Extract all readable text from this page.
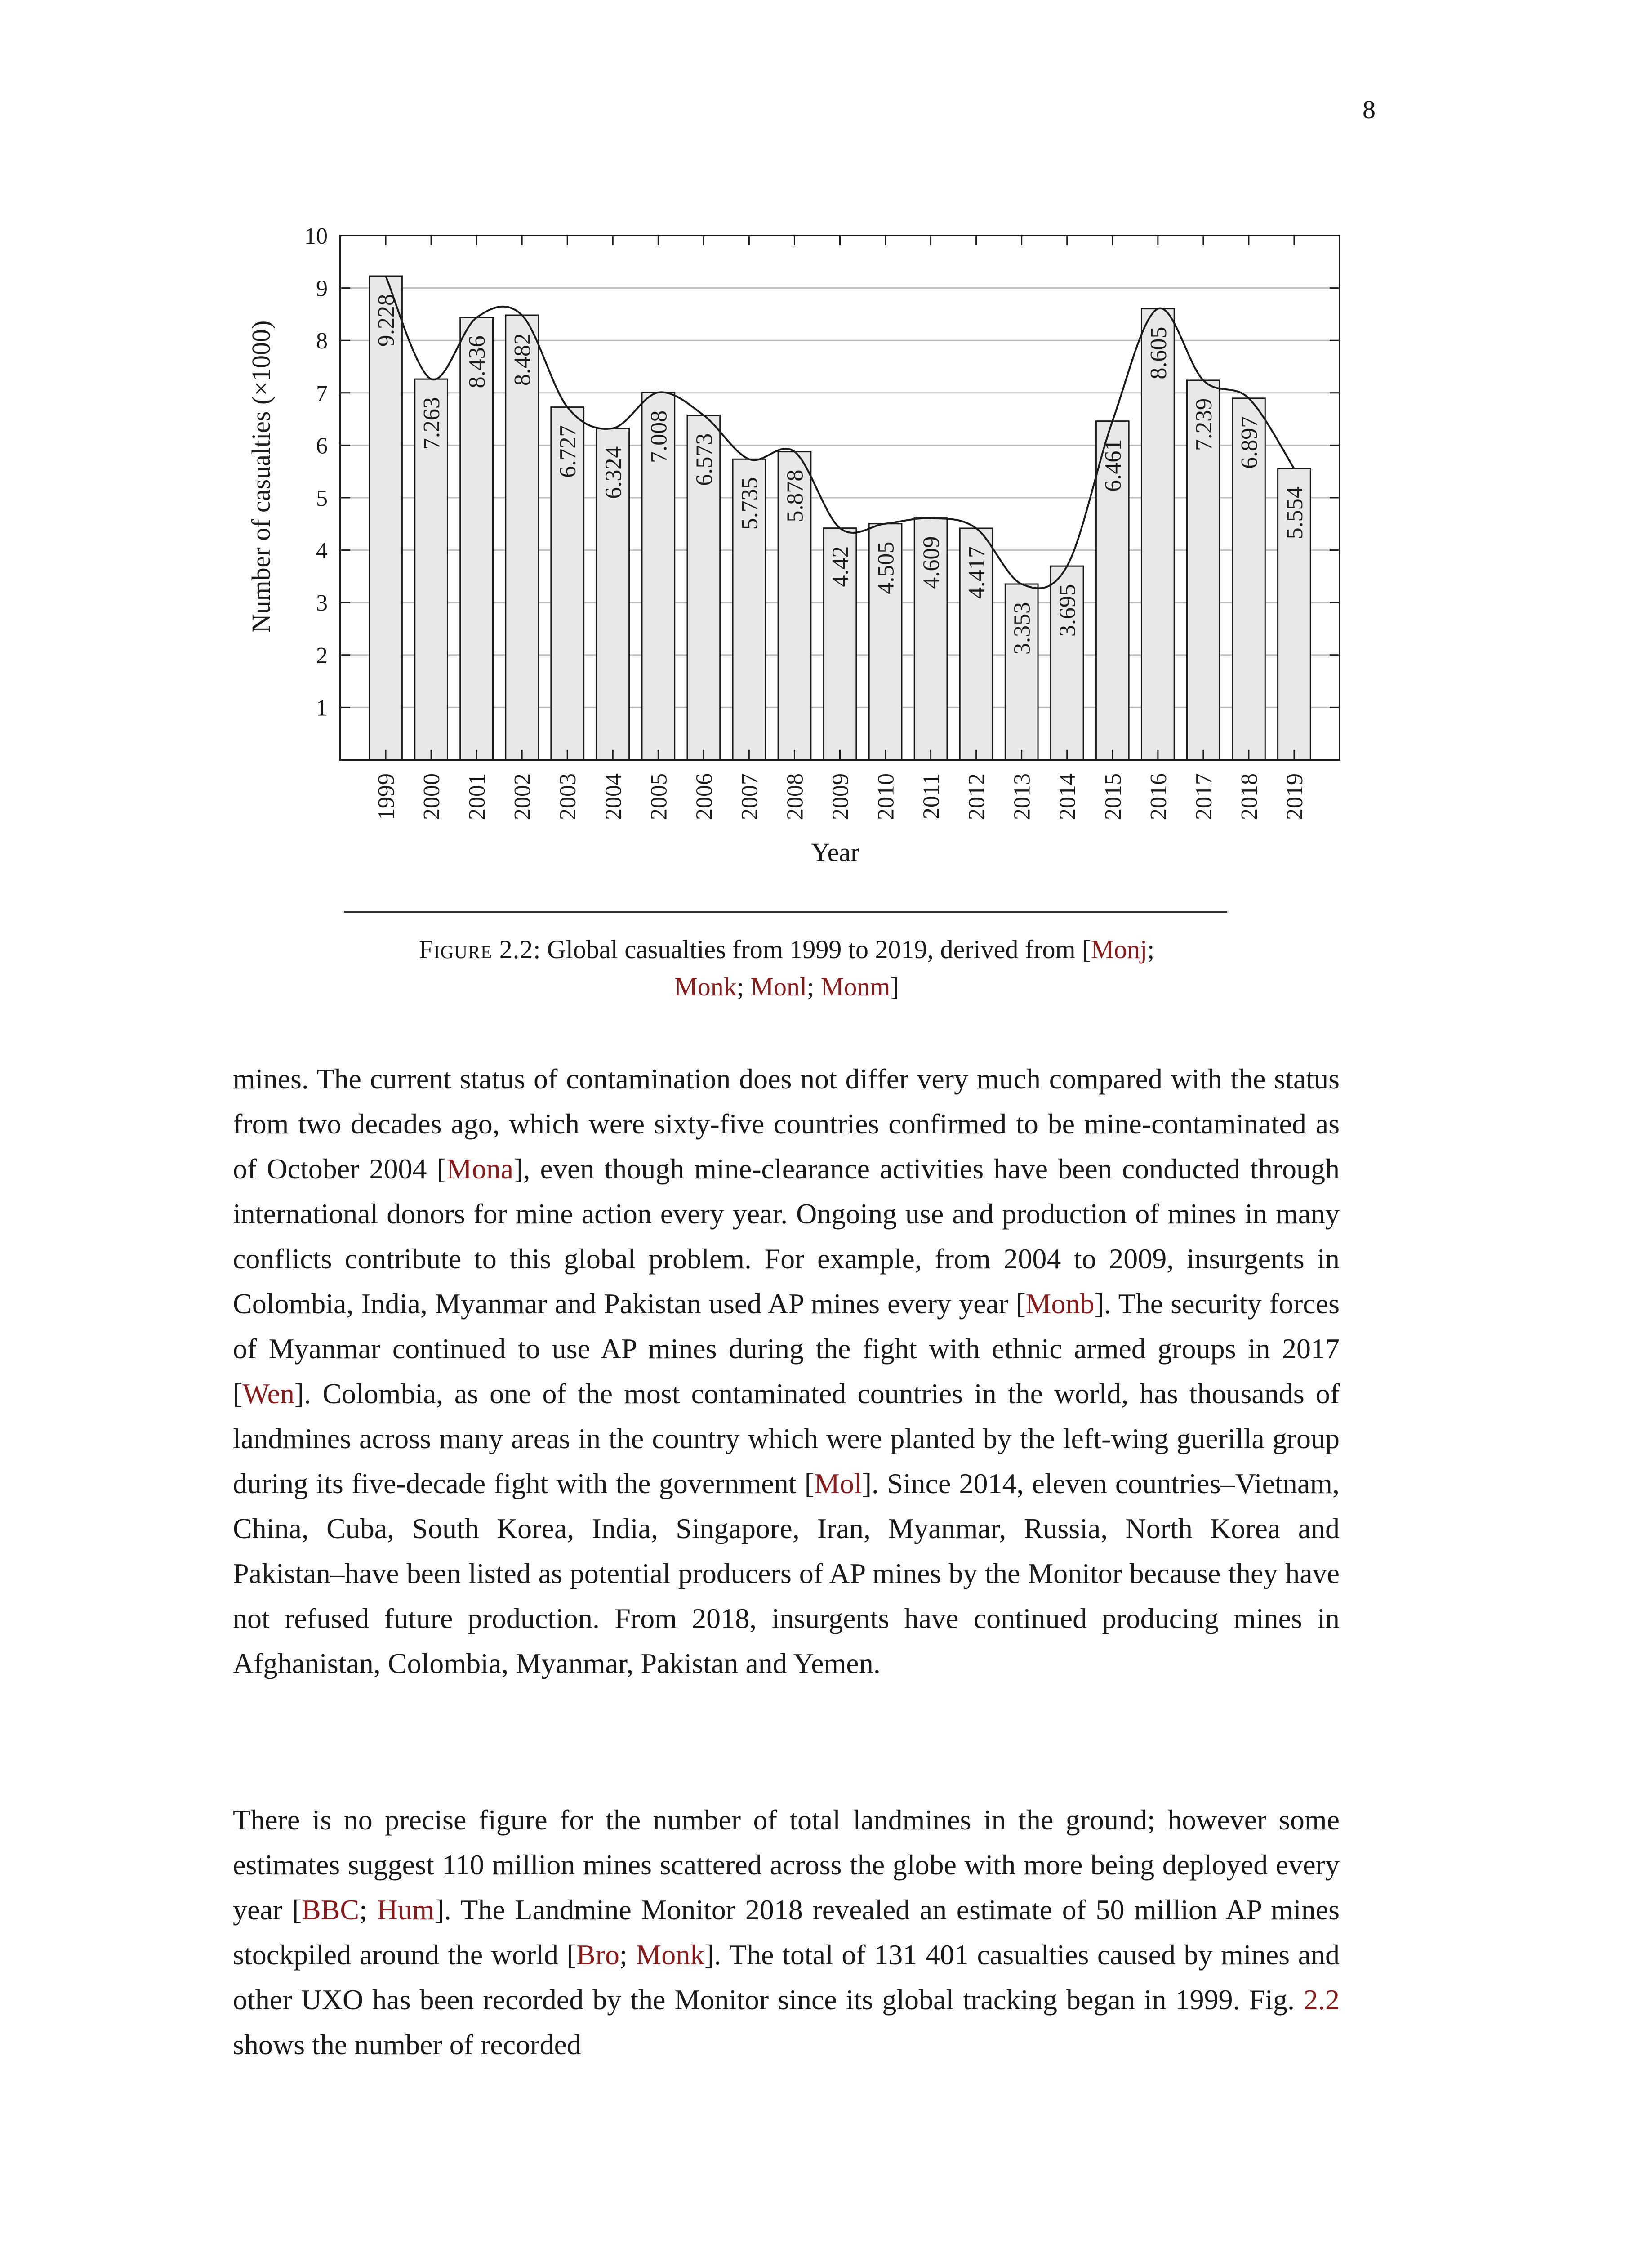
8
1
2
3
4
5
6
7
8
9
10
1999 2000 2001 2002 2003 2004 2005 2006 2007 2008 2009 2010 2011 2012 2013 2014 2015 2016 2017 2018 2019
9.228
7.263
8.436 8.482
6.727 6.324
7.008 6.573
5.735 5.878
4.42 4.505 4.609 4.417
3.353 3.695
6.461
8.605
7.239 6.897
5.554
Number of casualties (×1000)
Year
Figure 2.2: Global casualties from 1999 to 2019, derived from [Monj;
Monk; Monl; Monm]

mines. The current status of contamination does not differ very much compared with the status from two decades ago, which were sixty-five countries confirmed to be mine-contaminated as of October 2004 [Mona], even though mine-clearance activities have been conducted through international donors for mine action every year. Ongoing use and production of mines in many conflicts contribute to this global problem. For example, from 2004 to 2009, insurgents in Colombia, India, Myanmar and Pakistan used AP mines every year [Monb]. The security forces of Myanmar continued to use AP mines during the fight with ethnic armed groups in 2017 [Wen]. Colombia, as one of the most contaminated countries in the world, has thousands of landmines across many areas in the country which were planted by the left-wing guerilla group during its five-decade fight with the government [Mol]. Since 2014, eleven countries–Vietnam, China, Cuba, South Korea, India, Singapore, Iran, Myanmar, Russia, North Korea and Pakistan–have been listed as potential producers of AP mines by the Monitor because they have not refused future production. From 2018, insurgents have continued producing mines in Afghanistan, Colombia, Myanmar, Pakistan and Yemen.

There is no precise figure for the number of total landmines in the ground; however some estimates suggest 110 million mines scattered across the globe with more being deployed every year [BBC; Hum]. The Landmine Monitor 2018 revealed an estimate of 50 million AP mines stockpiled around the world [Bro; Monk]. The total of 131 401 casualties caused by mines and other UXO has been recorded by the Monitor since its global tracking began in 1999. Fig. 2.2 shows the number of recorded
